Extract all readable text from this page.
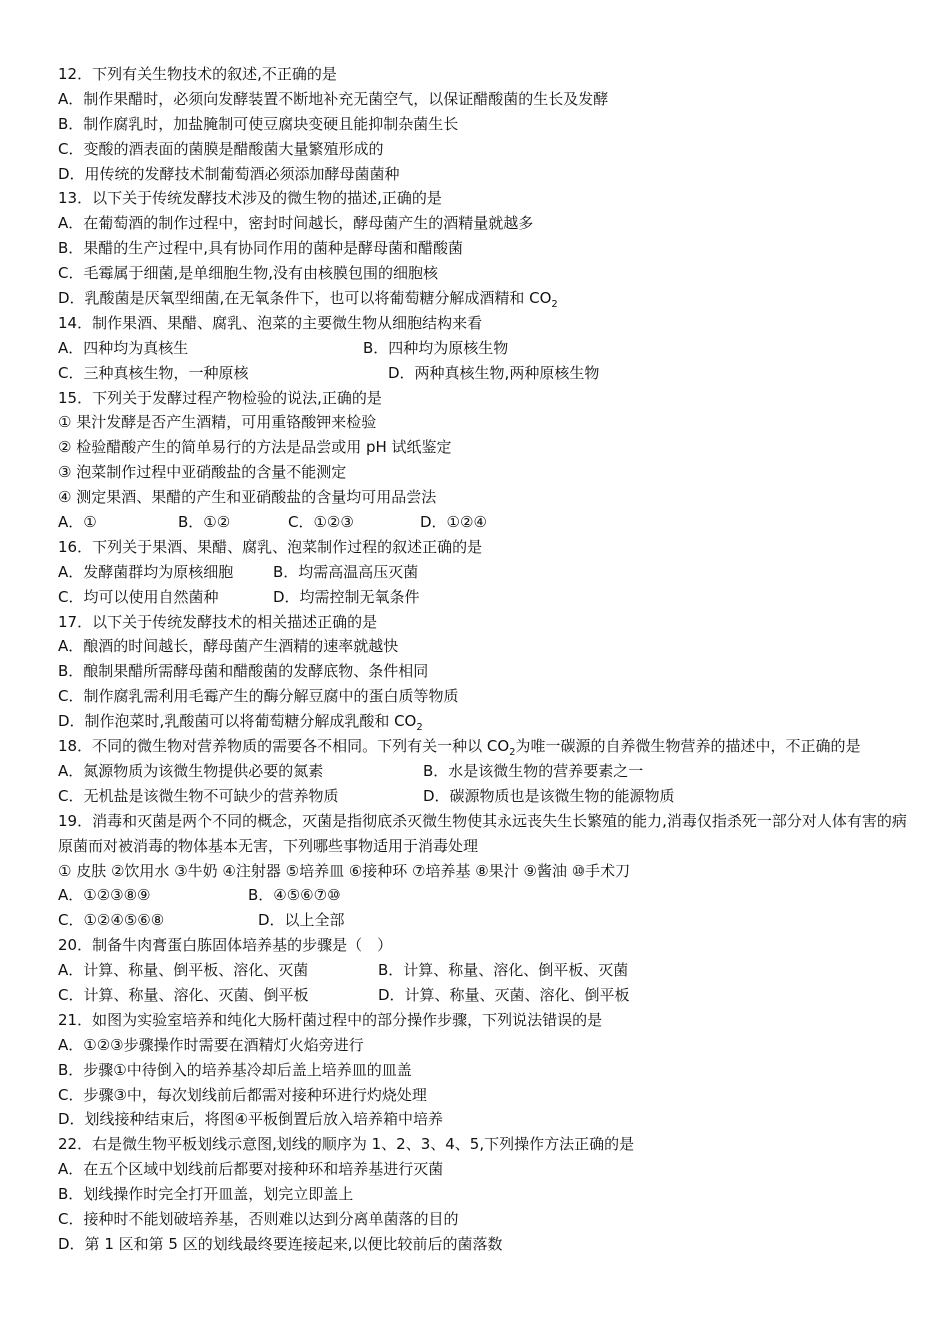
12．下列有关生物技术的叙述,不正确的是
A．制作果醋时，必须向发酵装置不断地补充无菌空气，以保证醋酸菌的生长及发酵
B．制作腐乳时，加盐腌制可使豆腐块变硬且能抑制杂菌生长
C．变酸的酒表面的菌膜是醋酸菌大量繁殖形成的
D．用传统的发酵技术制葡萄酒必须添加酵母菌菌种
13．以下关于传统发酵技术涉及的微生物的描述,正确的是
A．在葡萄酒的制作过程中，密封时间越长，酵母菌产生的酒精量就越多
B．果醋的生产过程中,具有协同作用的菌种是酵母菌和醋酸菌
C．毛霉属于细菌,是单细胞生物,没有由核膜包围的细胞核
D．乳酸菌是厌氧型细菌,在无氧条件下，也可以将葡萄糖分解成酒精和 $CO_2$
14．制作果酒、果醋、腐乳、泡菜的主要微生物从细胞结构来看
A．四种均为真核生	B．四种均为原核生物
C．三种真核生物，一种原核	D．两种真核生物,两种原核生物
15．下列关于发酵过程产物检验的说法,正确的是
① 果汁发酵是否产生酒精，可用重铬酸钾来检验
② 检验醋酸产生的简单易行的方法是品尝或用 pH 试纸鉴定
③ 泡菜制作过程中亚硝酸盐的含量不能测定
④ 测定果酒、果醋的产生和亚硝酸盐的含量均可用品尝法
A．①	B．①②	C．①②③	D．①②④
16．下列关于果酒、果醋、腐乳、泡菜制作过程的叙述正确的是
A．发酵菌群均为原核细胞	B．均需高温高压灭菌
C．均可以使用自然菌种	D．均需控制无氧条件
17．以下关于传统发酵技术的相关描述正确的是
A．酿酒的时间越长，酵母菌产生酒精的速率就越快
B．酿制果醋所需酵母菌和醋酸菌的发酵底物、条件相同
C．制作腐乳需利用毛霉产生的酶分解豆腐中的蛋白质等物质
D．制作泡菜时,乳酸菌可以将葡萄糖分解成乳酸和 $CO_2$
18．不同的微生物对营养物质的需要各不相同。下列有关一种以 $CO_2$为唯一碳源的自养微生物营养的描述中，不正确的是
A．氮源物质为该微生物提供必要的氮素	B．水是该微生物的营养要素之一
C．无机盐是该微生物不可缺少的营养物质	D．碳源物质也是该微生物的能源物质
19．消毒和灭菌是两个不同的概念，灭菌是指彻底杀灭微生物使其永远丧失生长繁殖的能力,消毒仅指杀死一部分对人体有害的病原菌而对被消毒的物体基本无害，下列哪些事物适用于消毒处理
① 皮肤 ②饮用水 ③牛奶 ④注射器 ⑤培养皿 ⑥接种环 ⑦培养基 ⑧果汁 ⑨酱油 ⑩手术刀
A．①②③⑧⑨	B．④⑤⑥⑦⑩
C．①②④⑤⑥⑧	D．以上全部
20．制备牛肉膏蛋白胨固体培养基的步骤是（　）
A．计算、称量、倒平板、溶化、灭菌	B．计算、称量、溶化、倒平板、灭菌
C．计算、称量、溶化、灭菌、倒平板	D．计算、称量、灭菌、溶化、倒平板
21．如图为实验室培养和纯化大肠杆菌过程中的部分操作步骤，下列说法错误的是
A．①②③步骤操作时需要在酒精灯火焰旁进行
B．步骤①中待倒入的培养基冷却后盖上培养皿的皿盖
C．步骤③中，每次划线前后都需对接种环进行灼烧处理
D．划线接种结束后，将图④平板倒置后放入培养箱中培养
22．右是微生物平板划线示意图,划线的顺序为 1、2、3、4、5,下列操作方法正确的是
A．在五个区域中划线前后都要对接种环和培养基进行灭菌
B．划线操作时完全打开皿盖，划完立即盖上
C．接种时不能划破培养基，否则难以达到分离单菌落的目的
D．第 1 区和第 5 区的划线最终要连接起来,以便比较前后的菌落数
